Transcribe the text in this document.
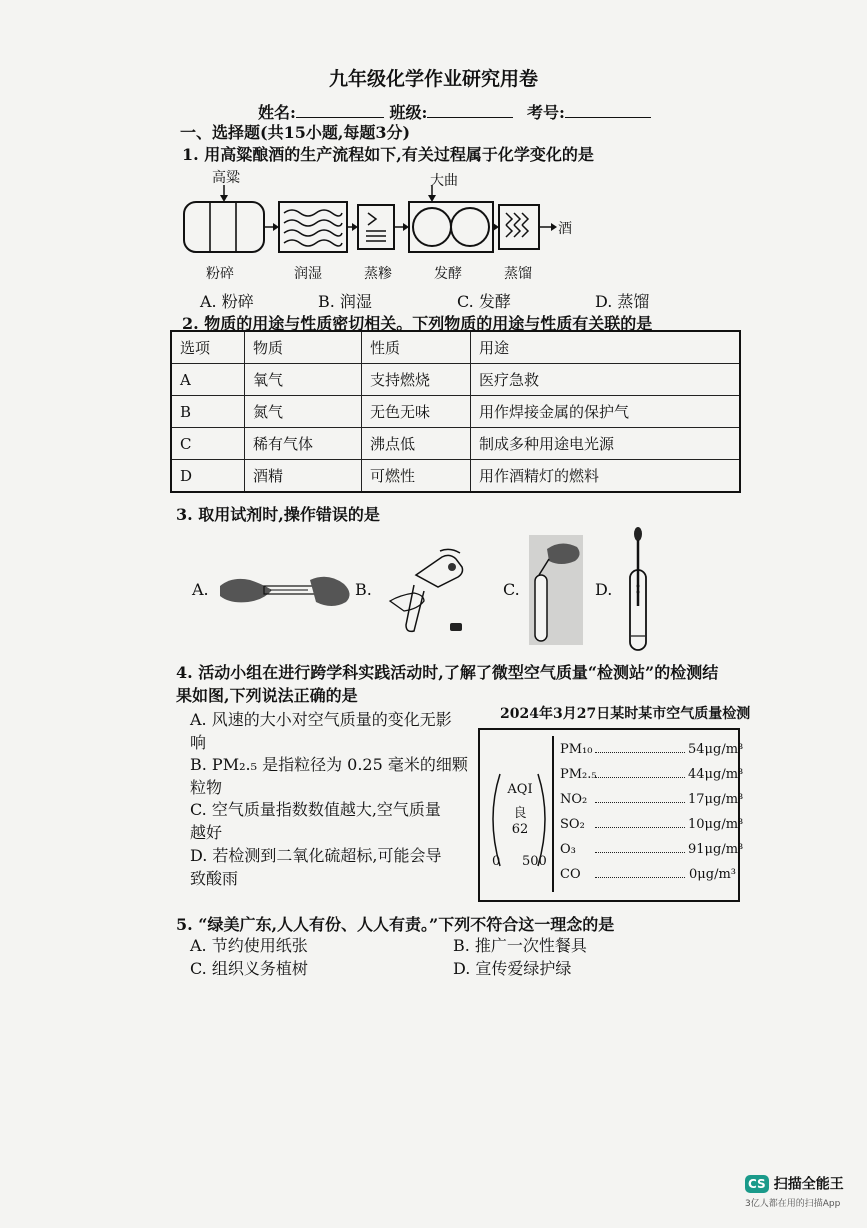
九年级化学作业研究用卷
姓名:	班级:	考号:
一、选择题(共15小题,每题3分)
1. 用高粱酿酒的生产流程如下,有关过程属于化学变化的是
高粱	大曲
酒
粉碎	润湿	蒸糁	发酵	蒸馏
A. 粉碎	B. 润湿	C. 发酵	D. 蒸馏
2. 物质的用途与性质密切相关。下列物质的用途与性质有关联的是
选项	物质	性质	用途
A	氧气	支持燃烧	医疗急救
B	氮气	无色无味	用作焊接金属的保护气
C	稀有气体	沸点低	制成多种用途电光源
D	酒精	可燃性	用作酒精灯的燃料
3. 取用试剂时,操作错误的是
A.	B.	C.	D.
4. 活动小组在进行跨学科实践活动时,了解了微型空气质量“检测站”的检测结
果如图,下列说法正确的是
A. 风速的大小对空气质量的变化无影
响
B. PM₂.₅ 是指粒径为 0.25 毫米的细颗
粒物
C. 空气质量指数数值越大,空气质量
越好
D. 若检测到二氧化硫超标,可能会导
致酸雨
2024年3月27日某时某市空气质量检测
AQI
良
62
0 500
PM₁₀	54μg/m³
PM₂.₅	44μg/m³
NO₂	17μg/m³
SO₂	10μg/m³
O₃	91μg/m³
CO	0μg/m³
5. “绿美广东,人人有份、人人有责。”下列不符合这一理念的是
A. 节约使用纸张	B. 推广一次性餐具
C. 组织义务植树	D. 宣传爱绿护绿
CS 扫描全能王
3亿人都在用的扫描App
